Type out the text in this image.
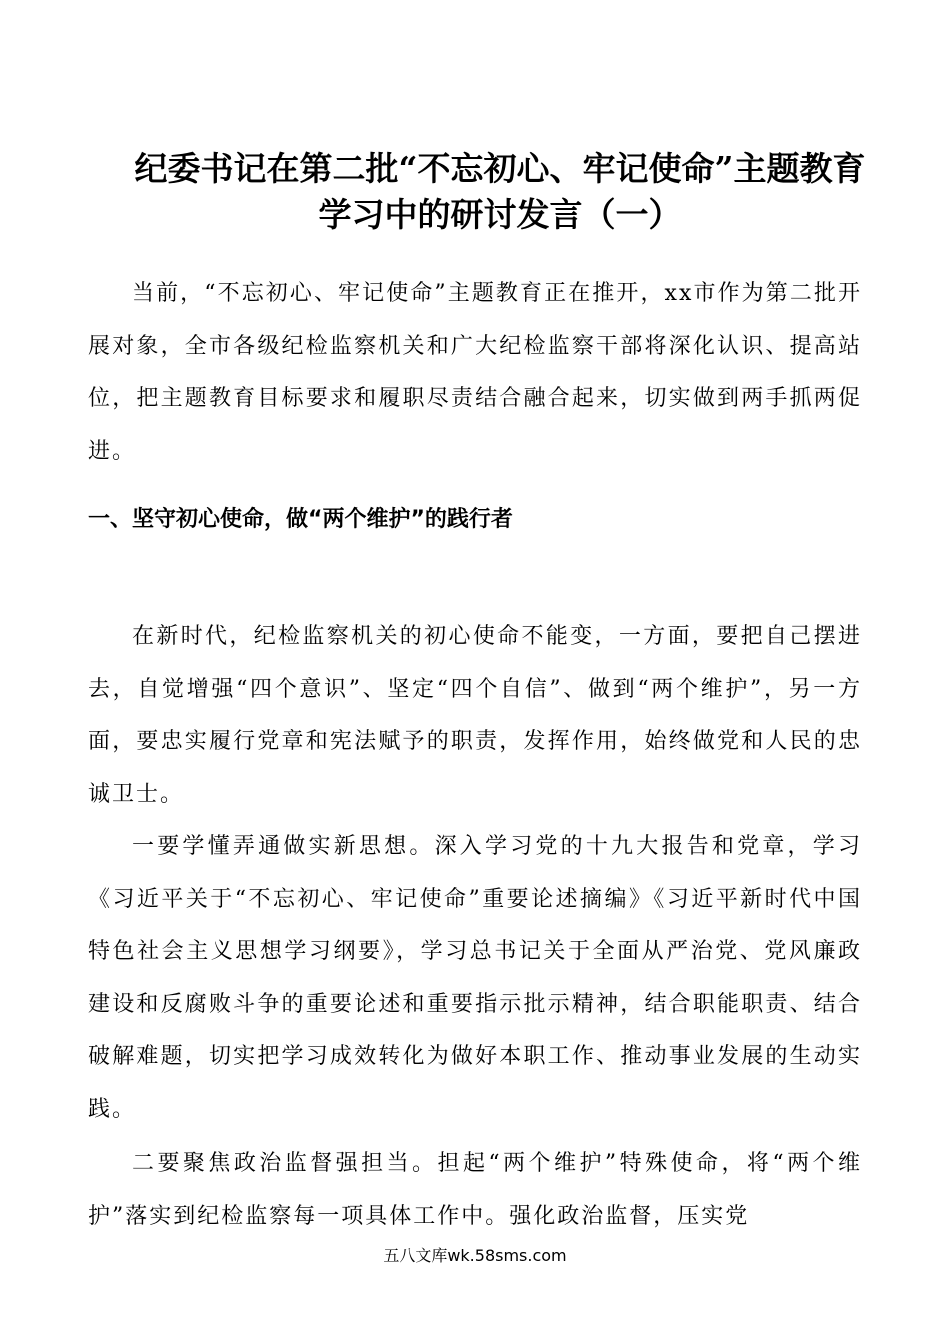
纪委书记在第二批“不忘初心、牢记使命”主题教育学习中的研讨发言（一）

当前，“不忘初心、牢记使命”主题教育正在推开，xx市作为第二批开展对象，全市各级纪检监察机关和广大纪检监察干部将深化认识、提高站位，把主题教育目标要求和履职尽责结合融合起来，切实做到两手抓两促进。

一、坚守初心使命，做“两个维护”的践行者

在新时代，纪检监察机关的初心使命不能变，一方面，要把自己摆进去，自觉增强“四个意识”、坚定“四个自信”、做到“两个维护”，另一方面，要忠实履行党章和宪法赋予的职责，发挥作用，始终做党和人民的忠诚卫士。

一要学懂弄通做实新思想。深入学习党的十九大报告和党章，学习《习近平关于“不忘初心、牢记使命”重要论述摘编》《习近平新时代中国特色社会主义思想学习纲要》，学习总书记关于全面从严治党、党风廉政建设和反腐败斗争的重要论述和重要指示批示精神，结合职能职责、结合破解难题，切实把学习成效转化为做好本职工作、推动事业发展的生动实践。

二要聚焦政治监督强担当。担起“两个维护”特殊使命，将“两个维护”落实到纪检监察每一项具体工作中。强化政治监督，压实党

五八文库wk.58sms.com
